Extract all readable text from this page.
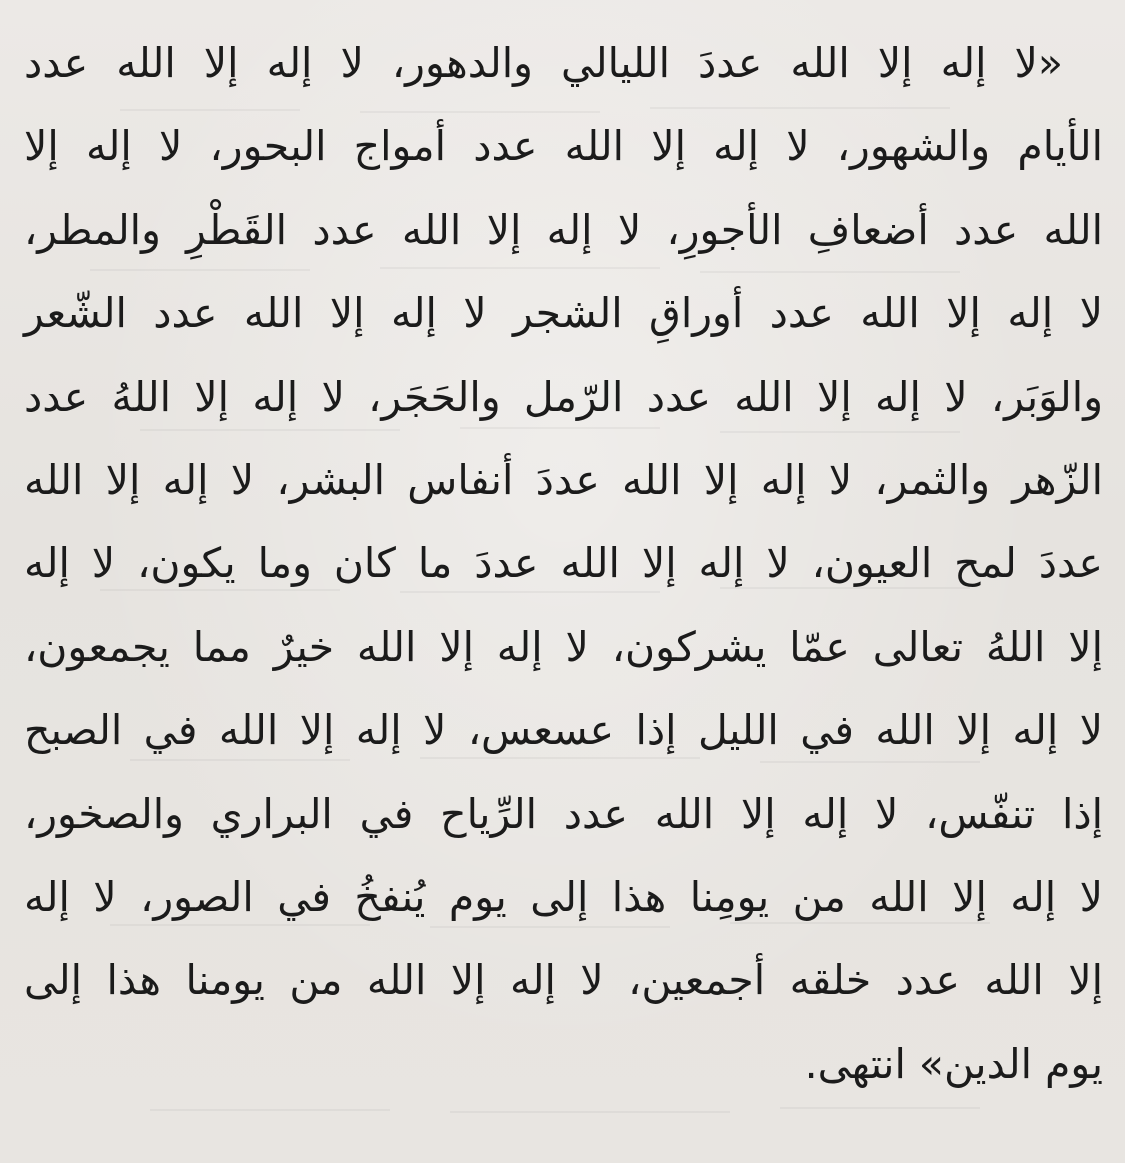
«لا إله إلا الله عددَ الليالي والدهور، لا إله إلا الله عدد
الأيام والشهور، لا إله إلا الله عدد أمواج البحور، لا إله إلا
الله عدد أضعافِ الأجورِ، لا إله إلا الله عدد القَطْرِ والمطر،
لا إله إلا الله عدد أوراقِ الشجر لا إله إلا الله عدد الشّعر
والوَبَر، لا إله إلا الله عدد الرّمل والحَجَر، لا إله إلا اللهُ عدد
الزّهر والثمر، لا إله إلا الله عددَ أنفاس البشر، لا إله إلا الله
عددَ لمح العيون، لا إله إلا الله عددَ ما كان وما يكون، لا إله
إلا اللهُ تعالى عمّا يشركون، لا إله إلا الله خيرٌ مما يجمعون،
لا إله إلا الله في الليل إذا عسعس، لا إله إلا الله في الصبح
إذا تنفّس، لا إله إلا الله عدد الرِّياح في البراري والصخور،
لا إله إلا الله من يومِنا هذا إلى يوم يُنفخُ في الصور، لا إله
إلا الله عدد خلقه أجمعين، لا إله إلا الله من يومنا هذا إلى
يوم الدين» انتهى.
